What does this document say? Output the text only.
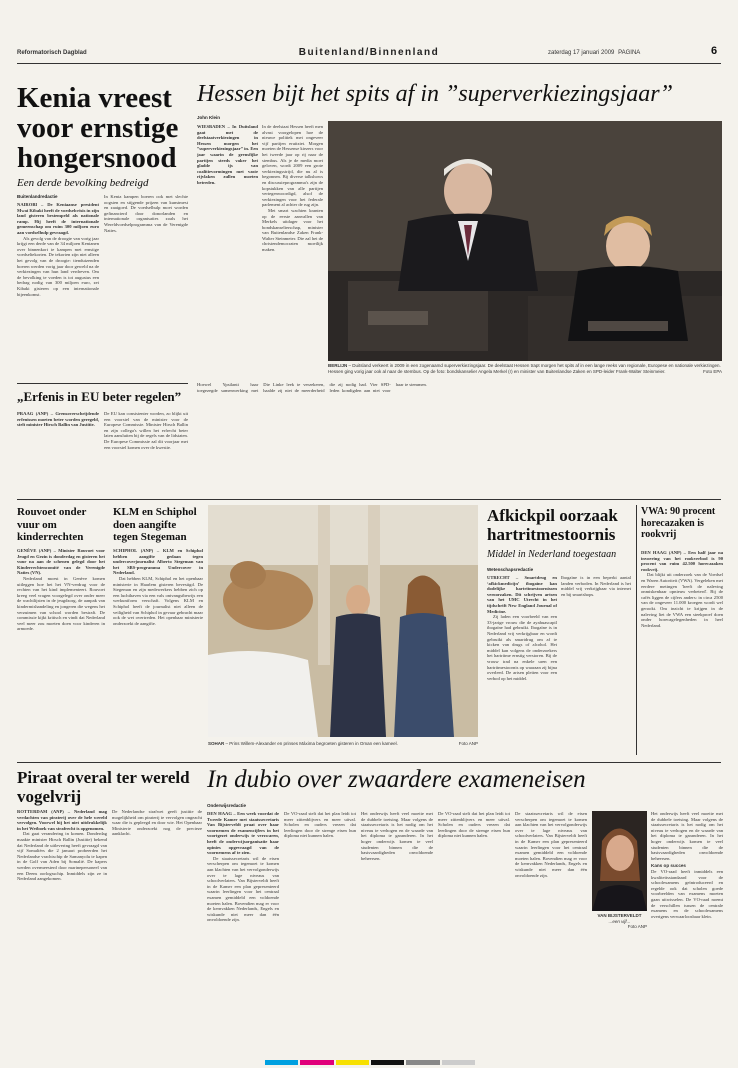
Reformatorisch Dagblad	Buitenland/Binnenland	zaterdag 17 januari 2009 PAGINA	6
Kenia vreest voor ernstige hongersnood
Een derde bevolking bedreigd
Buitenlandredactie

NAIROBI – De Keniaanse president Mwai Kibaki heeft de voedselcrisis in zijn land gisteren bestempeld als nationale ramp. Hij heeft de internationale gemeenschap om ruim 300 miljoen euro aan voedselhulp gevraagd.

Als gevolg van de droogte van vorig jaar krijgt een derde van de 34 miljoen Kenianen over binnenkort te kampen met ernstige voedseltekorten. De tekorten zijn niet alleen het gevolg van de droogte: tienduizenden boeren werden vorig jaar door geweld na de verkiezingen van hun land verdreven. Om de bevolking te voeden is tot augustus een bedrag nodig van 300 miljoen euro, zei Kibaki gisteren op een internationale bijeenkomst.

In Kenia kampen boeren ook met slechte oogsten en stijgende prijzen van kunstmest en zaaigoed. De voedselhulp moet worden gefinancierd door donorlanden en internationale organisaties zoals het Wereldvoedselprogramma van de Verenigde Naties.

„Erfenis in EU beter regelen”

PRAAG (ANP) – Grensoverschrijdende erfenissen moeten beter worden geregeld, stelt minister Hirsch Ballin van Justitie.

De EU kan consistenter worden, zo blijkt uit een voorstel van de minister voor de Europese Commissie. Minister Hirsch Ballin en zijn collega's willen het erfrecht beter laten aansluiten bij de regels van de lidstaten. De Europese Commissie zal dit voorjaar met een voorstel komen over de kwestie.

Hessen bijt het spits af in ”superverkiezingsjaar”
John Klein

WIESBADEN – In Duitsland gaat met de deelstaatverkiezingen in Hessen morgen het ”superverkiezingsjaar” in. Een jaar waarin de grensfijke partijen steeds vaker het gladde ijs van coalitievormingen met vaste rijvlaken zullen moeten betreden.

In de deelstaat Hessen heeft men alvast voorgelopen hoe de nieuwe politiek met ongeveer vijf partijen eruitziet. Morgen moeten de Hessense kiezers voor het tweede jaar op rij naar de stembus. Als je de media moet geloven, wordt 2009 een grote verkiezingsstrijd, die nu al is begonnen. Bij diverse talkshows en discussieprogramma's zijn de kopstukken van alle partijen vertegenwoordigd, alsof de verkiezingen voor het federale parlement al achter de rug zijn.

Met smart wachten kranten op de eerste aanvallen van Merkels uitdager voor het bondskanselierschap, minister van Buitenlandse Zaken Frank-Walter Steinmeier. Die zal het de christendemocraten moeilijk maken.

BERLIJN – Duitsland verkeert in 2009 in een zogenaamd superverkiezingsjaar. De deelstaat Hessen trapt morgen het spits af in een lange reeks van regionale, Europese en nationale verkiezingen. Hessen ging vorig jaar ook al naar de stembus. Op de foto: bondskanselier Angela Merkel (r) en minister van Buitenlandse Zaken en SPD-leider Frank-Walter Steinmeier.	Foto EPA

Hoewel Ypsilanti haar toegezegde samenwerking met Die Linke leek te verzekeren, haalde zij niet de meerderheid die zij nodig had. Vier SPD-leden kondigden aan niet voor haar te stemmen.

Rouvoet onder vuur om kinderrechten

GENÈVE (ANP) – Minister Rouvoet voor Jeugd en Gezin is donderdag en gisteren het vuur na aan de schenen gelegd door het Kinderrechtencomité van de Verenigde Naties (VN).

Nederland moest in Genève komen uitleggen hoe het het VN-verdrag voor de rechten van het kind implementeert. Rouvoet kreeg veel vragen voorgelegd over onder meer de wachtlijsten in de jeugdzorg, de aanpak van kindermishandeling en jongeren die wegens het verzuimen van school worden bestraft. De commissie kijkt kritisch en vindt dat Nederland veel meer zou moeten doen voor kinderen in armoede.

KLM en Schiphol doen aangifte tegen Stegeman

SCHIPHOL (ANP) – KLM en Schiphol hebben aangifte gedaan tegen undercoverjournalist Alberto Stegeman van het SBS-programma Undercover in Nederland.

Dat hebben KLM, Schiphol en het openbaar ministerie in Haarlem gisteren bevestigd. De Stegeman en zijn medewerkers hebben zich op een luchthaven via een vals ontvangstbewijs een werkuniform verschaft. Volgens KLM en Schiphol heeft de journalist niet alleen de veiligheid van Schiphol in gevaar gebracht maar ook de wet overtreden. Het openbaar ministerie onderzoekt de aangifte.

SOHAR – Prins Willem-Alexander en prinses Máxima begroeten gisteren in Oman een kameel.	Foto ANP
Afkickpil oorzaak hartritmestoornis
Middel in Nederland toegestaan
Wetenschapsredactie

UTRECHT – Smartdrug en ‘afkickmedicijn’ ibogaïne kan dodelijke hartritmestoornissen veroorzaken. Dit schrijven artsen van het UMC Utrecht in het tijdschrift New England Journal of Medicine.

Zij laden een voorbeeld van een 33-jarige vrouw die de ayahuascapil ibogaïne had gebruikt. Ibogaïne is in Nederland vrij verkrijgbaar en wordt gebruikt als smartdrug om af te kicken van drugs of alcohol. Het middel kan volgens de onderzoekers het hartritme ernstig verstoren. Bij de vrouw trad na enkele uren een hartritmestoornis op waaraan zij bijna overleed. De artsen pleiten voor een verbod op het middel.

Ibogaïne is in een beperkt aantal landen verboden. In Nederland is het middel vrij verkrijgbaar via internet en bij smartshops.

VWA: 90 procent horecazaken is rookvrij

DEN HAAG (ANP) – Een half jaar na invoering van het rookverbod is 90 procent van ruim 42.500 horecazaken rookvrij.

Dat blijkt uit onderzoek van de Voedsel en Waren Autoriteit (VWA). Vergeleken met eerdere metingen 'heeft de naleving onmiskenbaar opnieuw verbeterd'. Bij de cafés liggen de cijfers anders: in circa 2500 van de ongeveer 11.000 kroegen wordt wel gerookt. Om inzicht te krijgen in de naleving liet de VWA een steekproef doen onder horecagelegenheden in heel Nederland.

Piraat overal ter wereld vogelvrij

ROTTERDAM (ANP) – Nederland mag verdachten van piraterij over de hele wereld vervolgen. Voorwel hij het niet uitdrukkelijk in het Wetboek van strafrecht is opgenomen.

Dat gaat verandering in komen. Donderdag maakte minister Hirsch Ballin (Justitie) bekend dat Nederland de uitlevering heeft gevraagd van vijf Somaliërs die 2 januari probeerden het Nederlandse vrachtschip de Samanyolu te kapen in de Golf van Aden bij Somalië. De kapers werden overmeesterd door marinepersoneel van een Deens oorlogsschip. Inmiddels zijn ze in Nederland aangekomen.

De Nederlandse strafwet geeft justitie de mogelijkheid om piraterij te vervolgen ongeacht waar die is gepleegd en door wie. Het Openbaar Ministerie onderzoekt nog de precieze aanklacht.

In dubio over zwaardere exameneisen
Onderwijsredactie

DEN HAAG – Een week voordat de Tweede Kamer met staatssecretaris Van Bijsterveldt praat over haar voornemen de examencijfers in het voortgezet onderwijs te verzwaren, heeft de onderwijsorganisatie haar opinies opgevraagd van de voornemens af te zien.

De staatssecretaris wil de eisen verscherpen om tegemoet te komen aan klachten van het vervolgonderwijs over te lage niveaus van schoolverlaters. Van Bijsterveldt heeft in de Kamer een plan gepresenteerd waarin leerlingen voor het centraal examen gemiddeld een voldoende moeten halen. Bovendien mag er voor de kernvakken Nederlands, Engels en wiskunde niet meer dan één onvoldoende zijn.

De VO-raad stelt dat het plan leidt tot meer zittenblijvers en meer uitval. Scholen en ouders vrezen dat leerlingen door de strenge eisen hun diploma niet kunnen halen.

Het onderwijs heeft veel moeite met de dubbele toetsing. Maar volgens de staatssecretaris is het nodig om het niveau te verhogen en de waarde van het diploma te garanderen. In het hoger onderwijs komen te veel studenten binnen die de basisvaardigheden onvoldoende beheersen.

De VO-raad stelt dat het plan leidt tot meer zittenblijvers en meer uitval. Scholen en ouders vrezen dat leerlingen door de strenge eisen hun diploma niet kunnen halen.

De staatssecretaris wil de eisen verscherpen om tegemoet te komen aan klachten van het vervolgonderwijs over te lage niveaus van schoolverlaters. Van Bijsterveldt heeft in de Kamer een plan gepresenteerd waarin leerlingen voor het centraal examen gemiddeld een voldoende moeten halen. Bovendien mag er voor de kernvakken Nederlands, Engels en wiskunde niet meer dan één onvoldoende zijn.

VAN BIJSTERVELDT
...een vijf...
Foto ANP

Het onderwijs heeft veel moeite met de dubbele toetsing. Maar volgens de staatssecretaris is het nodig om het niveau te verhogen en de waarde van het diploma te garanderen. In het hoger onderwijs komen te veel studenten binnen die de basisvaardigheden onvoldoende beheersen.

Kans op succes

De VO-raad heeft inmiddels een kwaliteitsstandaard voor de schoolexamens geïntroduceerd en regelde ook dat scholen goede voorbeelden van examens moeten gaan uitwisselen. De VO-raad noemt de verschillen tussen de centrale examens en de schoolexamens overigens verwaarloosbaar klein.
